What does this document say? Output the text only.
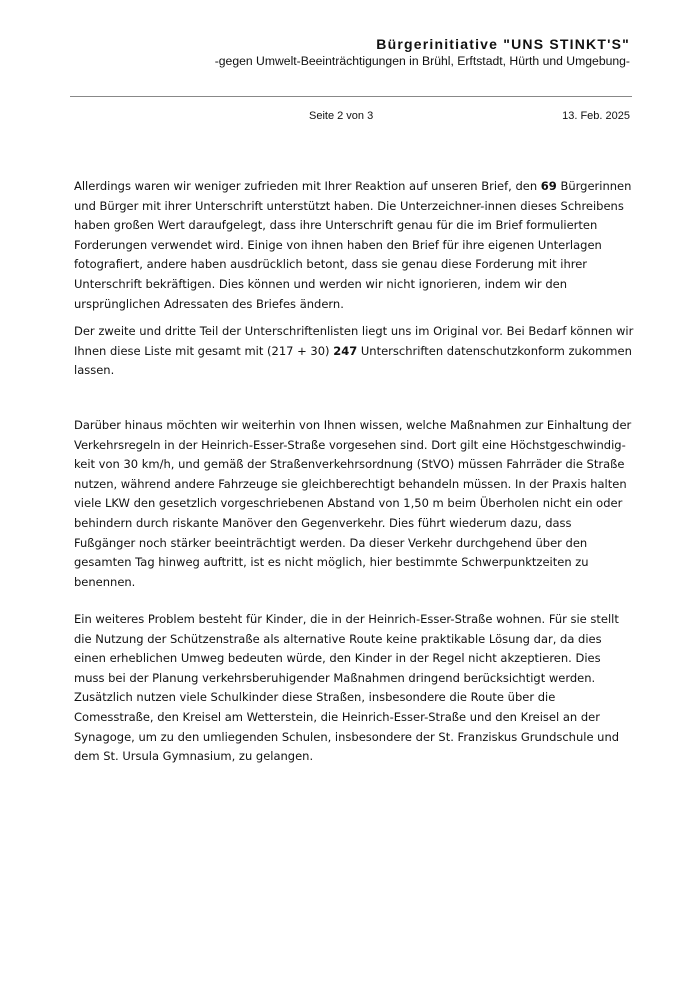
Bürgerinitiative "UNS STINKT'S"
-gegen Umwelt-Beeinträchtigungen in Brühl, Erftstadt, Hürth und Umgebung-
Seite 2 von 3	13. Feb. 2025

Allerdings waren wir weniger zufrieden mit Ihrer Reaktion auf unseren Brief, den 69 Bürgerinnen und Bürger mit ihrer Unterschrift unterstützt haben. Die Unterzeichner-innen dieses Schreibens haben großen Wert daraufgelegt, dass ihre Unterschrift genau für die im Brief formulierten Forderungen verwendet wird. Einige von ihnen haben den Brief für ihre eigenen Unterlagen fotografiert, andere haben ausdrücklich betont, dass sie genau diese Forderung mit ihrer Unterschrift bekräftigen. Dies können und werden wir nicht ignorieren, indem wir den ursprünglichen Adressaten des Briefes ändern.

Der zweite und dritte Teil der Unterschriftenlisten liegt uns im Original vor. Bei Bedarf können wir Ihnen diese Liste mit gesamt mit (217 + 30) 247 Unterschriften datenschutzkonform zukommen lassen.

Darüber hinaus möchten wir weiterhin von Ihnen wissen, welche Maßnahmen zur Einhaltung der Verkehrsregeln in der Heinrich-Esser-Straße vorgesehen sind. Dort gilt eine Höchstgeschwindig-keit von 30 km/h, und gemäß der Straßenverkehrsordnung (StVO) müssen Fahrräder die Straße nutzen, während andere Fahrzeuge sie gleichberechtigt behandeln müssen. In der Praxis halten viele LKW den gesetzlich vorgeschriebenen Abstand von 1,50 m beim Überholen nicht ein oder behindern durch riskante Manöver den Gegenverkehr. Dies führt wiederum dazu, dass Fußgänger noch stärker beeinträchtigt werden. Da dieser Verkehr durchgehend über den gesamten Tag hinweg auftritt, ist es nicht möglich, hier bestimmte Schwerpunktzeiten zu benennen.

Ein weiteres Problem besteht für Kinder, die in der Heinrich-Esser-Straße wohnen. Für sie stellt die Nutzung der Schützenstraße als alternative Route keine praktikable Lösung dar, da dies einen erheblichen Umweg bedeuten würde, den Kinder in der Regel nicht akzeptieren. Dies muss bei der Planung verkehrsberuhigender Maßnahmen dringend berücksichtigt werden. Zusätzlich nutzen viele Schulkinder diese Straßen, insbesondere die Route über die Comesstraße, den Kreisel am Wetterstein, die Heinrich-Esser-Straße und den Kreisel an der Synagoge, um zu den umliegenden Schulen, insbesondere der St. Franziskus Grundschule und dem St. Ursula Gymnasium, zu gelangen.
